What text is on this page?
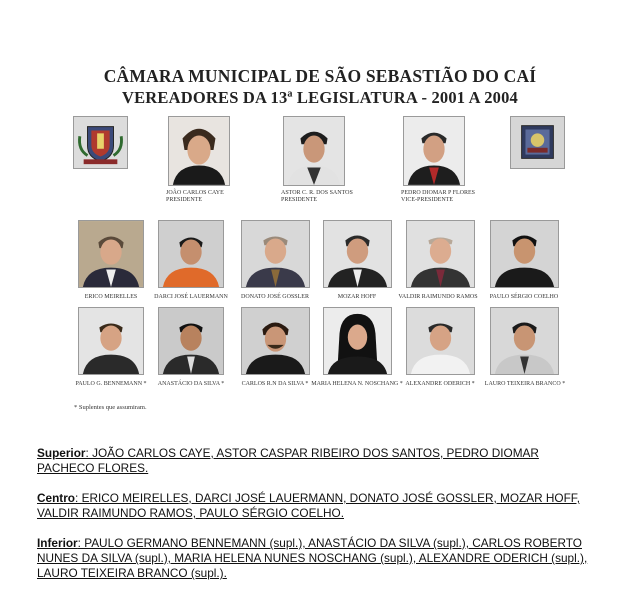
CÂMARA MUNICIPAL DE SÃO SEBASTIÃO DO CAÍ
VEREADORES DA 13ª LEGISLATURA - 2001 A 2004
JOÃO CARLOS CAYE
PRESIDENTE
ASTOR C. R. DOS SANTOS
PRESIDENTE
PEDRO DIOMAR P FLORES
VICE-PRESIDENTE
ERICO MEIRELLES	DARCI JOSÉ LAUERMANN	DONATO JOSÉ GOSSLER	MOZAR HOFF	VALDIR RAIMUNDO RAMOS	PAULO SÉRGIO COELHO
PAULO G. BENNEMANN *	ANASTÁCIO DA SILVA *	CARLOS R.N DA SILVA * MARIA HELENA N. NOSCHANG * ALEXANDRE ODERICH *	LAURO TEIXEIRA BRANCO *
* Suplentes que assumiram.
Superior: JOÃO CARLOS CAYE, ASTOR CASPAR RIBEIRO DOS SANTOS, PEDRO DIOMAR PACHECO FLORES.
Centro: ERICO MEIRELLES, DARCI JOSÉ LAUERMANN, DONATO JOSÉ GOSSLER, MOZAR HOFF, VALDIR RAIMUNDO RAMOS, PAULO SÉRGIO COELHO.
Inferior: PAULO GERMANO BENNEMANN (supl.), ANASTÁCIO DA SILVA (supl.), CARLOS ROBERTO NUNES DA SILVA (supl.), MARIA HELENA NUNES NOSCHANG (supl.), ALEXANDRE ODERICH (supl.), LAURO TEIXEIRA BRANCO (supl.).
